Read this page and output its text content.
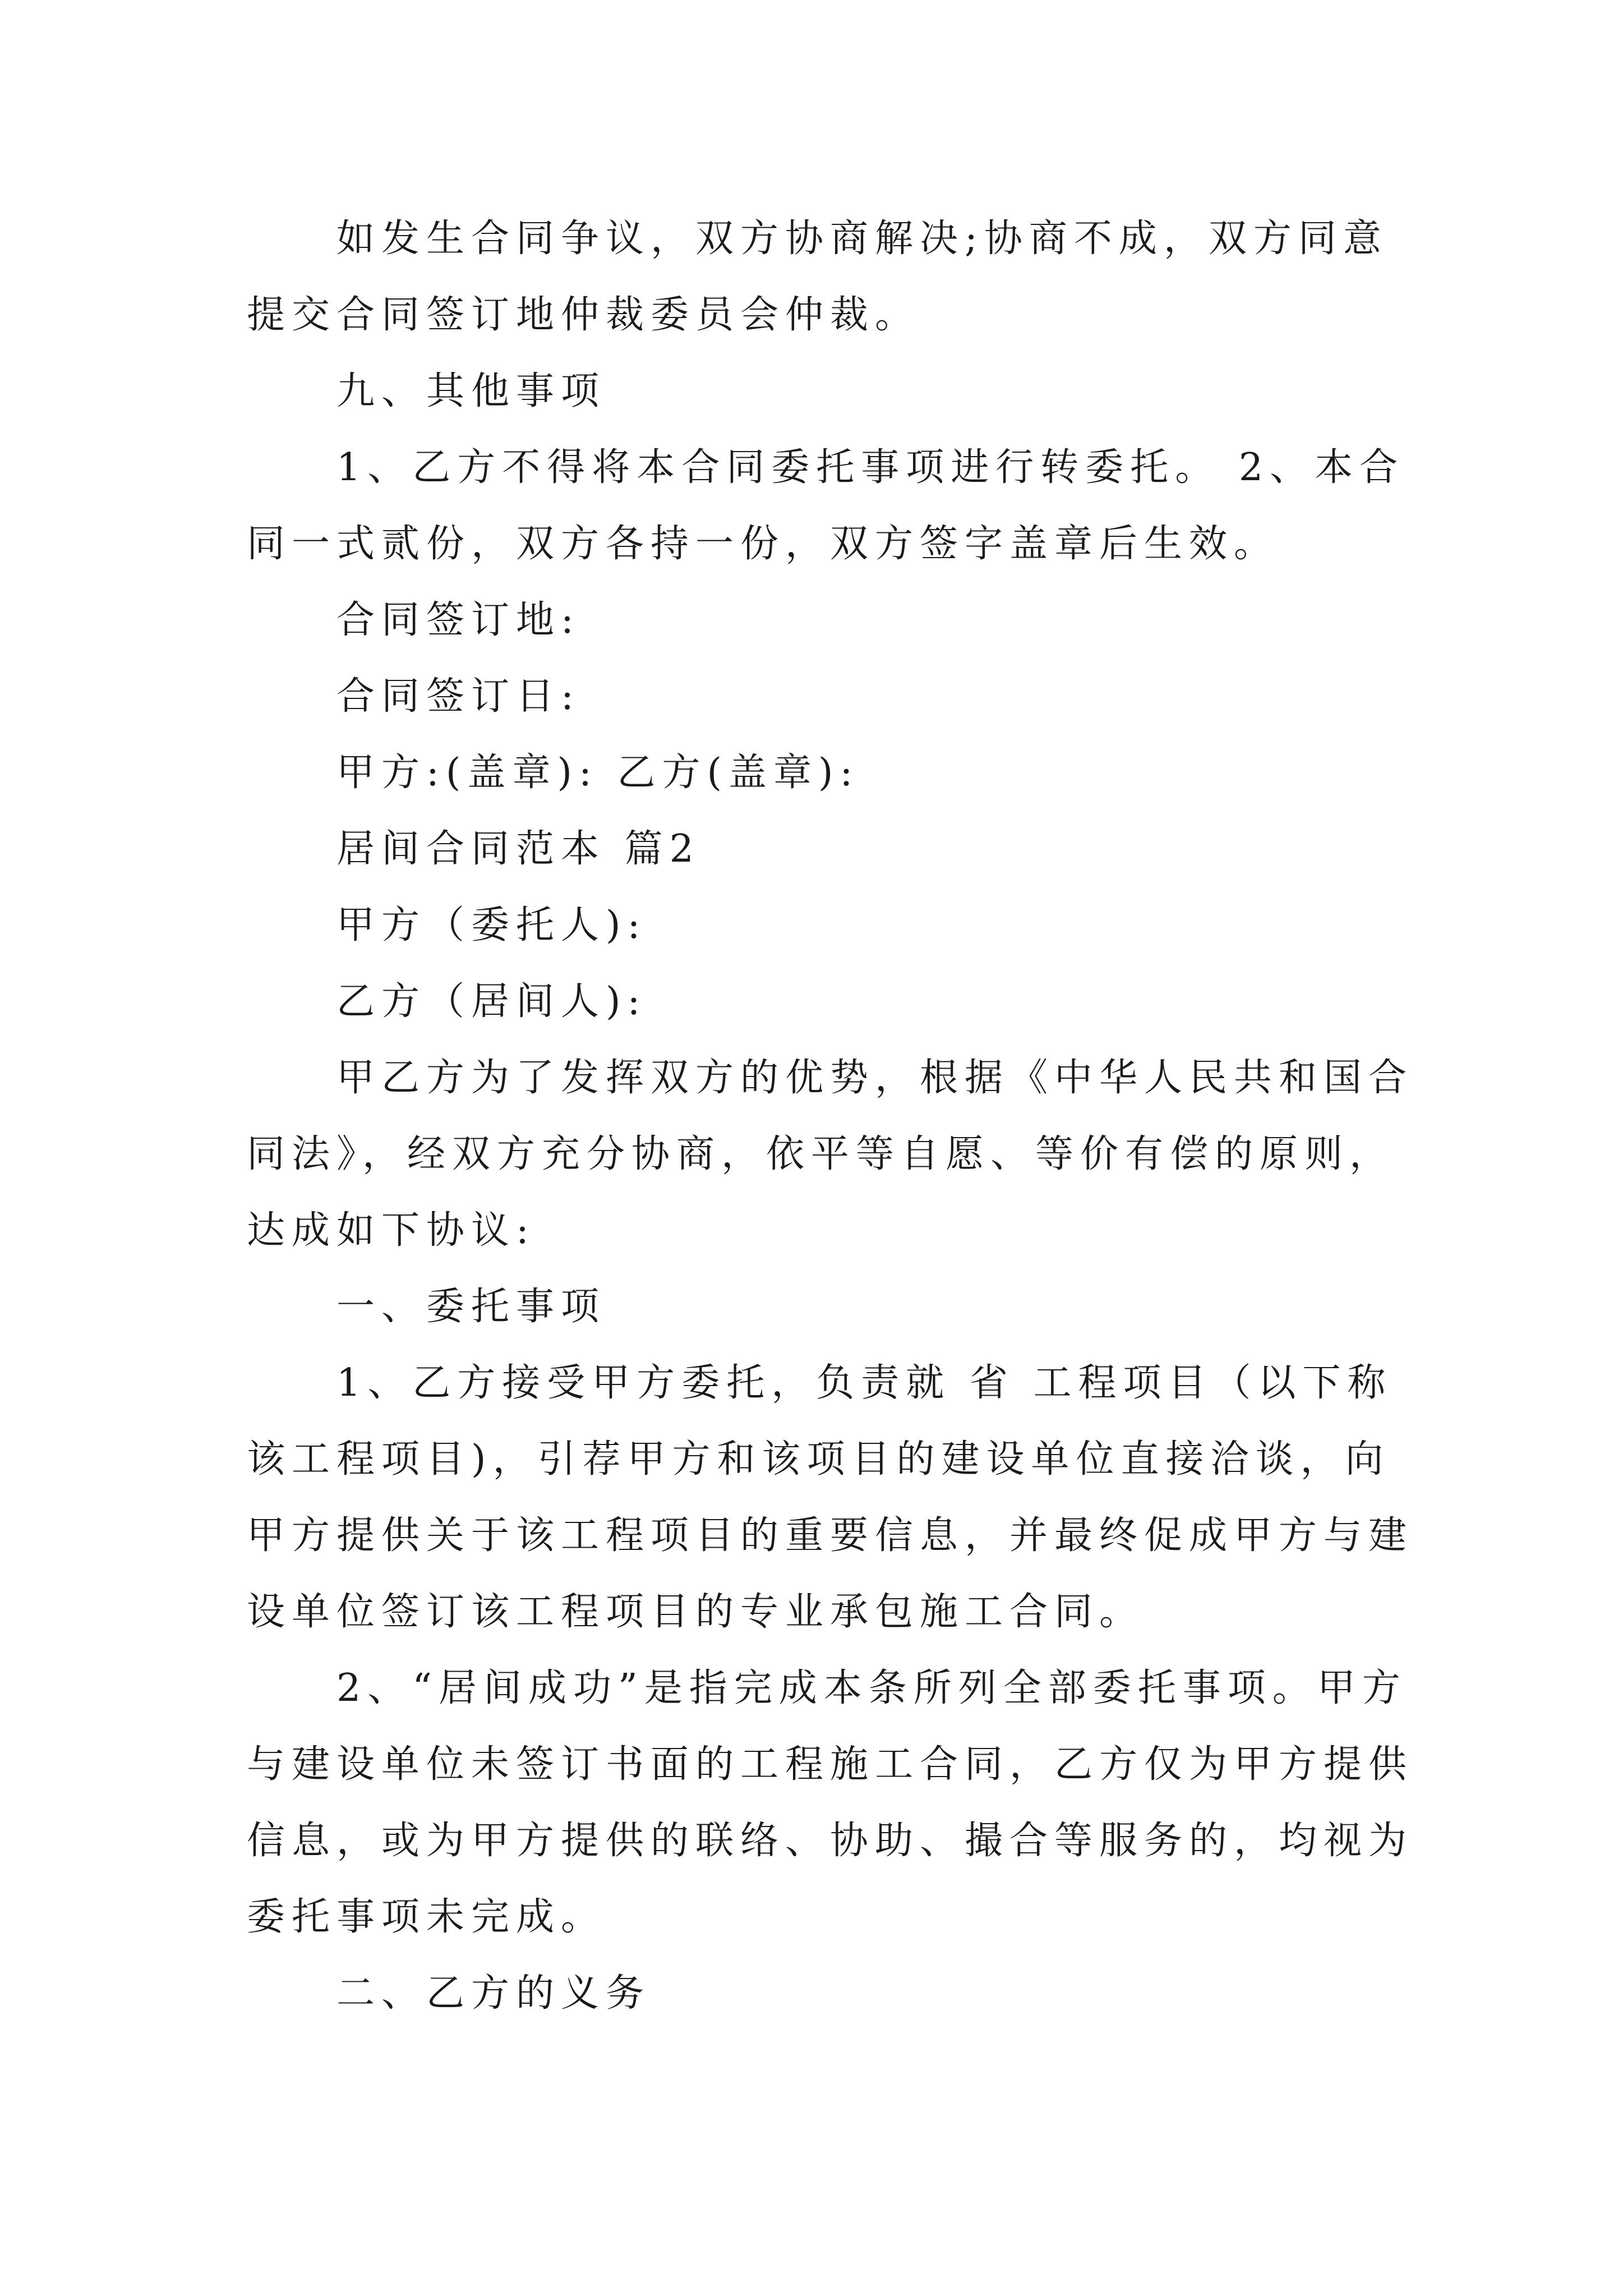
如发生合同争议，双方协商解决;协商不成，双方同意
提交合同签订地仲裁委员会仲裁。
九、其他事项
1、乙方不得将本合同委托事项进行转委托。 2、本合
同一式贰份，双方各持一份，双方签字盖章后生效。
合同签订地:
合同签订日:
甲方:(盖章): 乙方(盖章):
居间合同范本 篇2
甲方（委托人):
乙方（居间人):
甲乙方为了发挥双方的优势，根据《中华人民共和国合
同法》，经双方充分协商，依平等自愿、等价有偿的原则，
达成如下协议:
一、委托事项
1、乙方接受甲方委托，负责就 省 工程项目（以下称
该工程项目)，引荐甲方和该项目的建设单位直接洽谈，向
甲方提供关于该工程项目的重要信息，并最终促成甲方与建
设单位签订该工程项目的专业承包施工合同。
2、“居间成功”是指完成本条所列全部委托事项。甲方
与建设单位未签订书面的工程施工合同，乙方仅为甲方提供
信息，或为甲方提供的联络、协助、撮合等服务的，均视为
委托事项未完成。
二、乙方的义务
